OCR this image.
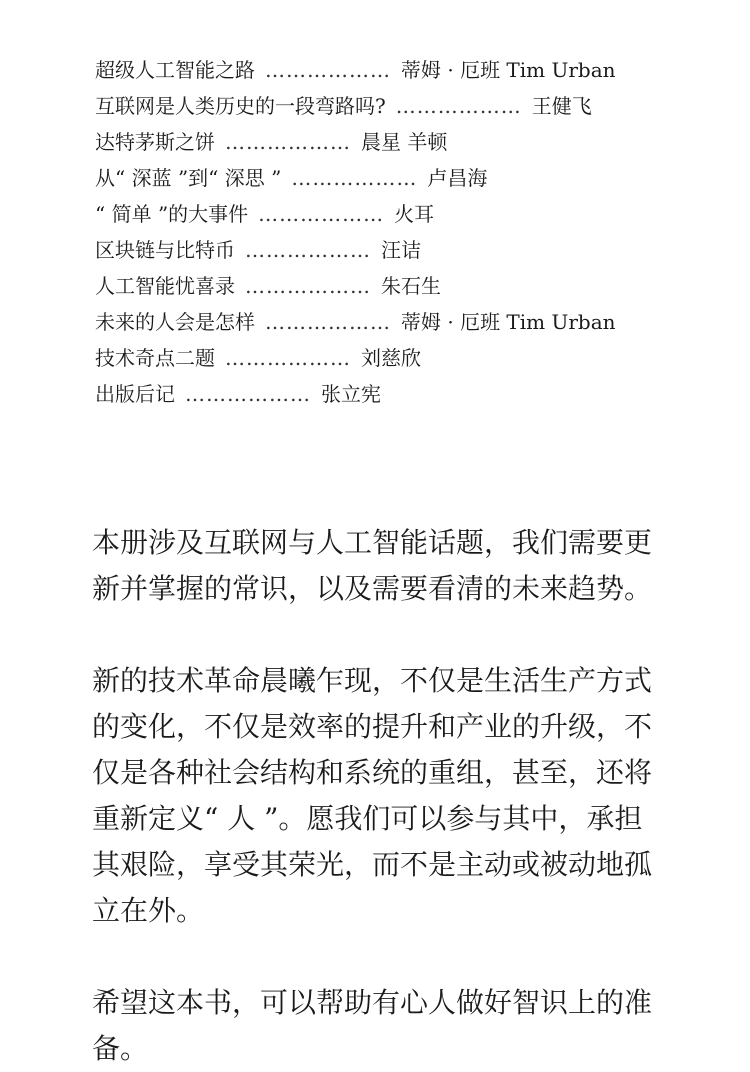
超级人工智能之路 ……………… 蒂姆 · 厄班 Tim Urban
互联网是人类历史的一段弯路吗? ……………… 王健飞
达特茅斯之饼 ……………… 晨星 羊顿
从“ 深蓝 ”到“ 深思 ” ……………… 卢昌海
“ 简单 ”的大事件 ……………… 火耳
区块链与比特币 ……………… 汪诘
人工智能忧喜录 ……………… 朱石生
未来的人会是怎样 ……………… 蒂姆 · 厄班 Tim Urban
技术奇点二题 ……………… 刘慈欣
出版后记 ……………… 张立宪

本册涉及互联网与人工智能话题，我们需要更新并掌握的常识，以及需要看清的未来趋势。

新的技术革命晨曦乍现，不仅是生活生产方式的变化，不仅是效率的提升和产业的升级，不仅是各种社会结构和系统的重组，甚至，还将重新定义“ 人 ”。愿我们可以参与其中，承担其艰险，享受其荣光，而不是主动或被动地孤立在外。

希望这本书，可以帮助有心人做好智识上的准备。
